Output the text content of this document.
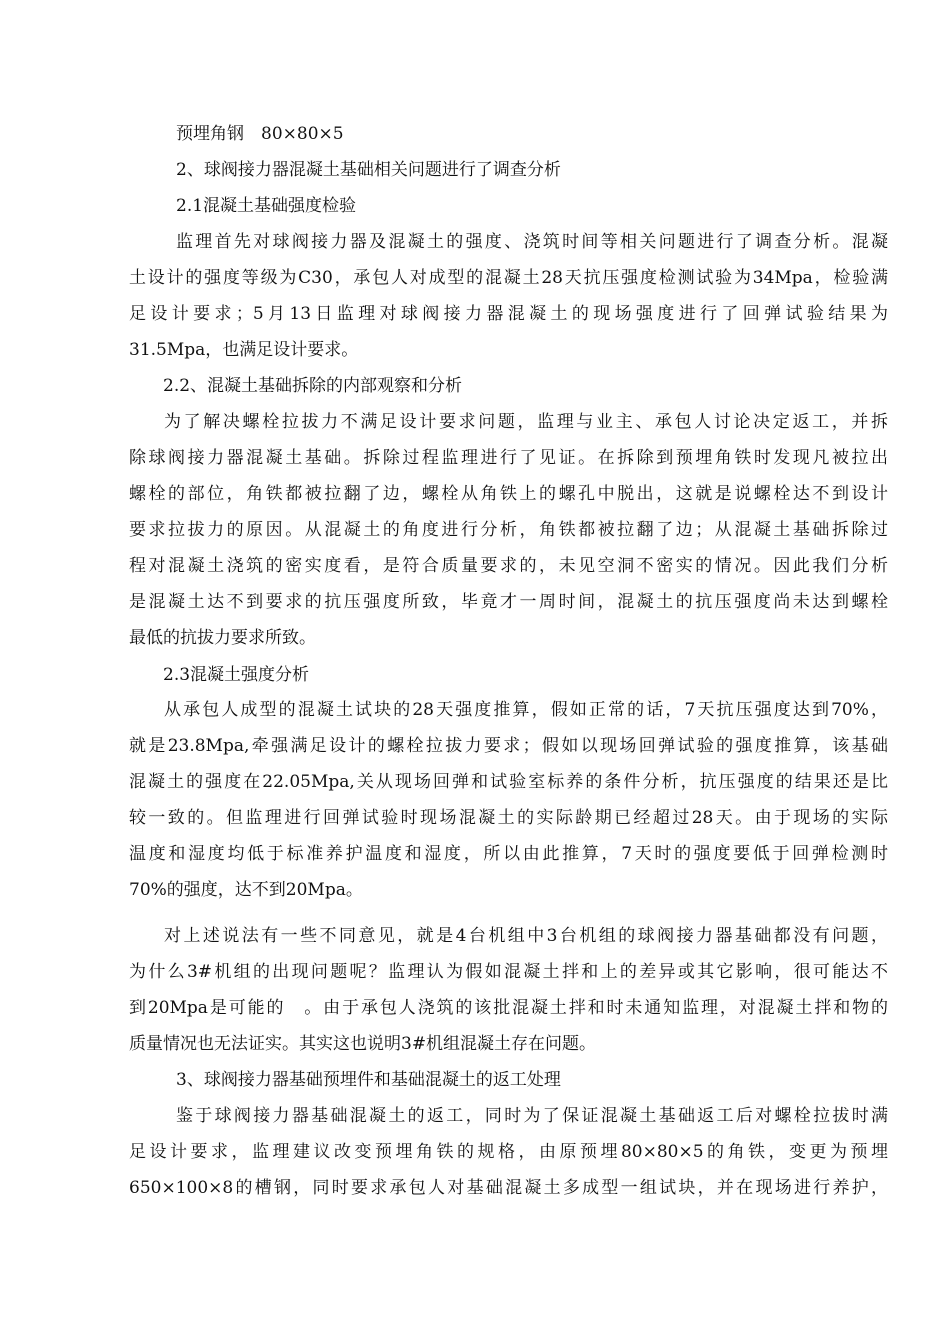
预埋角钢　80×80×5
2、球阀接力器混凝土基础相关问题进行了调查分析
2.1混凝土基础强度检验
监理首先对球阀接力器及混凝土的强度、浇筑时间等相关问题进行了调查分析。混凝
土设计的强度等级为C30，承包人对成型的混凝土28天抗压强度检测试验为34Mpa，检验满
足设计要求；5月13日监理对球阀接力器混凝土的现场强度进行了回弹试验结果为
31.5Mpa，也满足设计要求。
2.2、混凝土基础拆除的内部观察和分析
为了解决螺栓拉拔力不满足设计要求问题，监理与业主、承包人讨论决定返工，并拆
除球阀接力器混凝土基础。拆除过程监理进行了见证。在拆除到预埋角铁时发现凡被拉出
螺栓的部位，角铁都被拉翻了边，螺栓从角铁上的螺孔中脱出，这就是说螺栓达不到设计
要求拉拔力的原因。从混凝土的角度进行分析，角铁都被拉翻了边；从混凝土基础拆除过
程对混凝土浇筑的密实度看，是符合质量要求的，未见空洞不密实的情况。因此我们分析
是混凝土达不到要求的抗压强度所致，毕竟才一周时间，混凝土的抗压强度尚未达到螺栓
最低的抗拔力要求所致。
2.3混凝土强度分析
从承包人成型的混凝土试块的28天强度推算，假如正常的话，7天抗压强度达到70%，
就是23.8Mpa,牵强满足设计的螺栓拉拔力要求；假如以现场回弹试验的强度推算，该基础
混凝土的强度在22.05Mpa,关从现场回弹和试验室标养的条件分析，抗压强度的结果还是比
较一致的。但监理进行回弹试验时现场混凝土的实际龄期已经超过28天。由于现场的实际
温度和湿度均低于标准养护温度和湿度，所以由此推算，7天时的强度要低于回弹检测时
70%的强度，达不到20Mpa。
对上述说法有一些不同意见，就是4台机组中3台机组的球阀接力器基础都没有问题，
为什么3#机组的出现问题呢？监理认为假如混凝土拌和上的差异或其它影响，很可能达不
到20Mpa是可能的　。由于承包人浇筑的该批混凝土拌和时未通知监理，对混凝土拌和物的
质量情况也无法证实。其实这也说明3#机组混凝土存在问题。
3、球阀接力器基础预埋件和基础混凝土的返工处理
鉴于球阀接力器基础混凝土的返工，同时为了保证混凝土基础返工后对螺栓拉拔时满
足设计要求，监理建议改变预埋角铁的规格，由原预埋80×80×5的角铁，变更为预埋
650×100×8的槽钢，同时要求承包人对基础混凝土多成型一组试块，并在现场进行养护，
